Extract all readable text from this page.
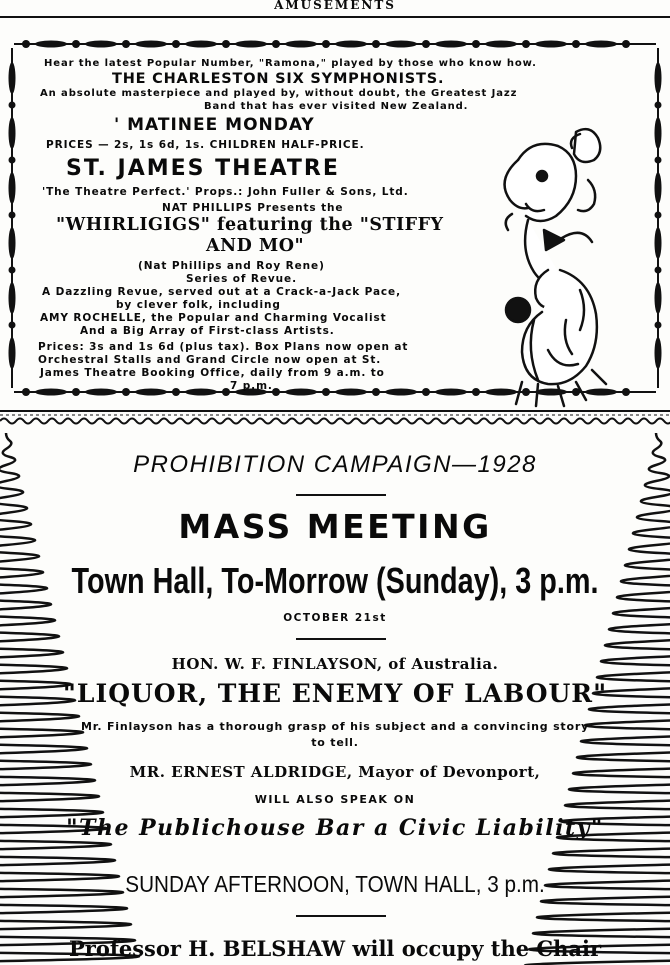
AMUSEMENTS
Hear the latest Popular Number, "Ramona," played by those who know how.
THE CHARLESTON SIX SYMPHONISTS.
An absolute masterpiece and played by, without doubt, the Greatest Jazz
Band that has ever visited New Zealand.
' MATINEE MONDAY
PRICES — 2s, 1s 6d, 1s. CHILDREN HALF-PRICE.
ST. JAMES THEATRE
'The Theatre Perfect.' Props.: John Fuller & Sons, Ltd.
NAT PHILLIPS Presents the
"WHIRLIGIGS" featuring the "STIFFY
AND MO"
(Nat Phillips and Roy Rene)
Series of Revue.
A Dazzling Revue, served out at a Crack-a-Jack Pace,
by clever folk, including
AMY ROCHELLE, the Popular and Charming Vocalist
And a Big Array of First-class Artists.
Prices: 3s and 1s 6d (plus tax). Box Plans now open at
Orchestral Stalls and Grand Circle now open at St.
James Theatre Booking Office, daily from 9 a.m. to
7 p.m.
PROHIBITION CAMPAIGN—1928
MASS MEETING
Town Hall, To-Morrow (Sunday), 3 p.m.
OCTOBER 21st
HON. W. F. FINLAYSON, of Australia.
"LIQUOR, THE ENEMY OF LABOUR"
Mr. Finlayson has a thorough grasp of his subject and a convincing story
to tell.
MR. ERNEST ALDRIDGE, Mayor of Devonport,
WILL ALSO SPEAK ON
"The Publichouse Bar a Civic Liability"
SUNDAY AFTERNOON, TOWN HALL, 3 p.m.
Professor H. BELSHAW will occupy the Chair
